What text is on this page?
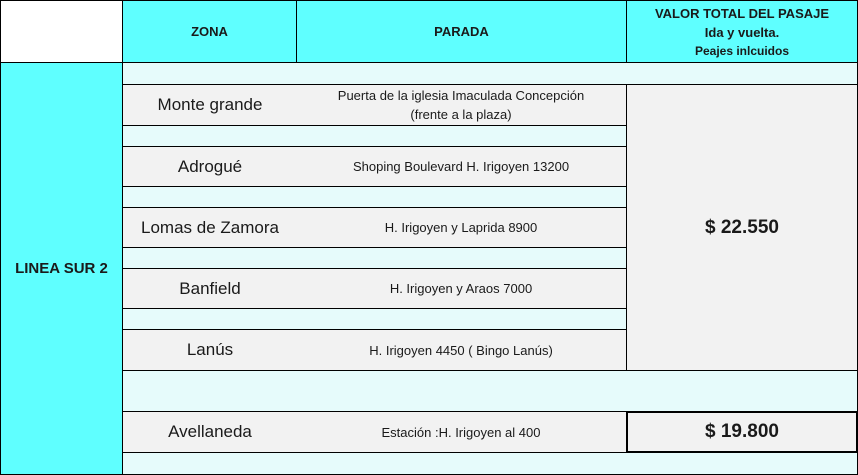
ZONA	PARADA
VALOR TOTAL DEL PASAJE
Ida y vuelta.
Peajes inlcuidos
LINEA SUR 2
Monte grande	Puerta de la iglesia Imaculada Concepción
(frente a la plaza)
Adrogué	Shoping Boulevard H. Irigoyen 13200
Lomas de Zamora	H. Irigoyen y Laprida 8900
Banfield	H. Irigoyen y Araos 7000
Lanús	H. Irigoyen 4450 ( Bingo Lanús)
$ 22.550
Avellaneda	Estación :H. Irigoyen al 400	$ 19.800
